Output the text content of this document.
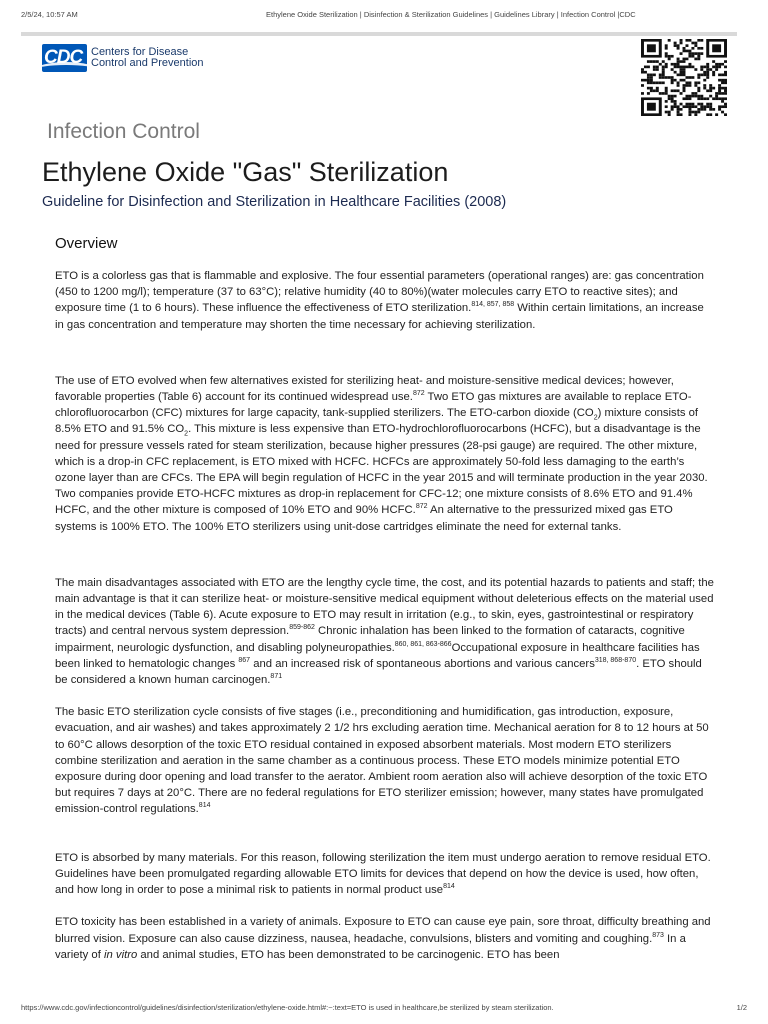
2/5/24, 10:57 AM	Ethylene Oxide Sterilization | Disinfection & Sterilization Guidelines | Guidelines Library | Infection Control |CDC
CDC Centers for Disease
Control and Prevention
Infection Control
Ethylene Oxide "Gas" Sterilization
Guideline for Disinfection and Sterilization in Healthcare Facilities (2008)
Overview

ETO is a colorless gas that is flammable and explosive. The four essential parameters (operational ranges) are: gas concentration (450 to 1200 mg/l); temperature (37 to 63°C); relative humidity (40 to 80%)(water molecules carry ETO to reactive sites); and exposure time (1 to 6 hours). These influence the effectiveness of ETO sterilization.$^{814, 857, 858}$ Within certain limitations, an increase in gas concentration and temperature may shorten the time necessary for achieving sterilization.

The use of ETO evolved when few alternatives existed for sterilizing heat- and moisture-sensitive medical devices; however, favorable properties (Table 6) account for its continued widespread use.$^{872}$ Two ETO gas mixtures are available to replace ETO-chlorofluorocarbon (CFC) mixtures for large capacity, tank-supplied sterilizers. The ETO-carbon dioxide $(CO_2)$ mixture consists of 8.5% ETO and 91.5% $CO_2$. This mixture is less expensive than ETO-hydrochlorofluorocarbons (HCFC), but a disadvantage is the need for pressure vessels rated for steam sterilization, because higher pressures (28-psi gauge) are required. The other mixture, which is a drop-in CFC replacement, is ETO mixed with HCFC. HCFCs are approximately 50-fold less damaging to the earth’s ozone layer than are CFCs. The EPA will begin regulation of HCFC in the year 2015 and will terminate production in the year 2030. Two companies provide ETO-HCFC mixtures as drop-in replacement for CFC-12; one mixture consists of 8.6% ETO and 91.4% HCFC, and the other mixture is composed of 10% ETO and 90% HCFC.$^{872}$ An alternative to the pressurized mixed gas ETO systems is 100% ETO. The 100% ETO sterilizers using unit-dose cartridges eliminate the need for external tanks.

The main disadvantages associated with ETO are the lengthy cycle time, the cost, and its potential hazards to patients and staff; the main advantage is that it can sterilize heat- or moisture-sensitive medical equipment without deleterious effects on the material used in the medical devices (Table 6). Acute exposure to ETO may result in irritation (e.g., to skin, eyes, gastrointestinal or respiratory tracts) and central nervous system depression.$^{859-862}$ Chronic inhalation has been linked to the formation of cataracts, cognitive impairment, neurologic dysfunction, and disabling polyneuropathies.$^{860, 861, 863-866}$Occupational exposure in healthcare facilities has been linked to hematologic changes $^{867}$ and an increased risk of spontaneous abortions and various cancers$^{318, 868-870}$. ETO should be considered a known human carcinogen.$^{871}$

The basic ETO sterilization cycle consists of five stages (i.e., preconditioning and humidification, gas introduction, exposure, evacuation, and air washes) and takes approximately 2 1/2 hrs excluding aeration time. Mechanical aeration for 8 to 12 hours at 50 to 60°C allows desorption of the toxic ETO residual contained in exposed absorbent materials. Most modern ETO sterilizers combine sterilization and aeration in the same chamber as a continuous process. These ETO models minimize potential ETO exposure during door opening and load transfer to the aerator. Ambient room aeration also will achieve desorption of the toxic ETO but requires 7 days at 20°C. There are no federal regulations for ETO sterilizer emission; however, many states have promulgated emission-control regulations.$^{814}$

ETO is absorbed by many materials. For this reason, following sterilization the item must undergo aeration to remove residual ETO. Guidelines have been promulgated regarding allowable ETO limits for devices that depend on how the device is used, how often, and how long in order to pose a minimal risk to patients in normal product use$^{814}$

ETO toxicity has been established in a variety of animals. Exposure to ETO can cause eye pain, sore throat, difficulty breathing and blurred vision. Exposure can also cause dizziness, nausea, headache, convulsions, blisters and vomiting and coughing.$^{873}$ In a variety of in vitro and animal studies, ETO has been demonstrated to be carcinogenic. ETO has been

https://www.cdc.gov/infectioncontrol/guidelines/disinfection/sterilization/ethylene-oxide.html#:~:text=ETO is used in healthcare,be sterilized by steam sterilization.	1/2
